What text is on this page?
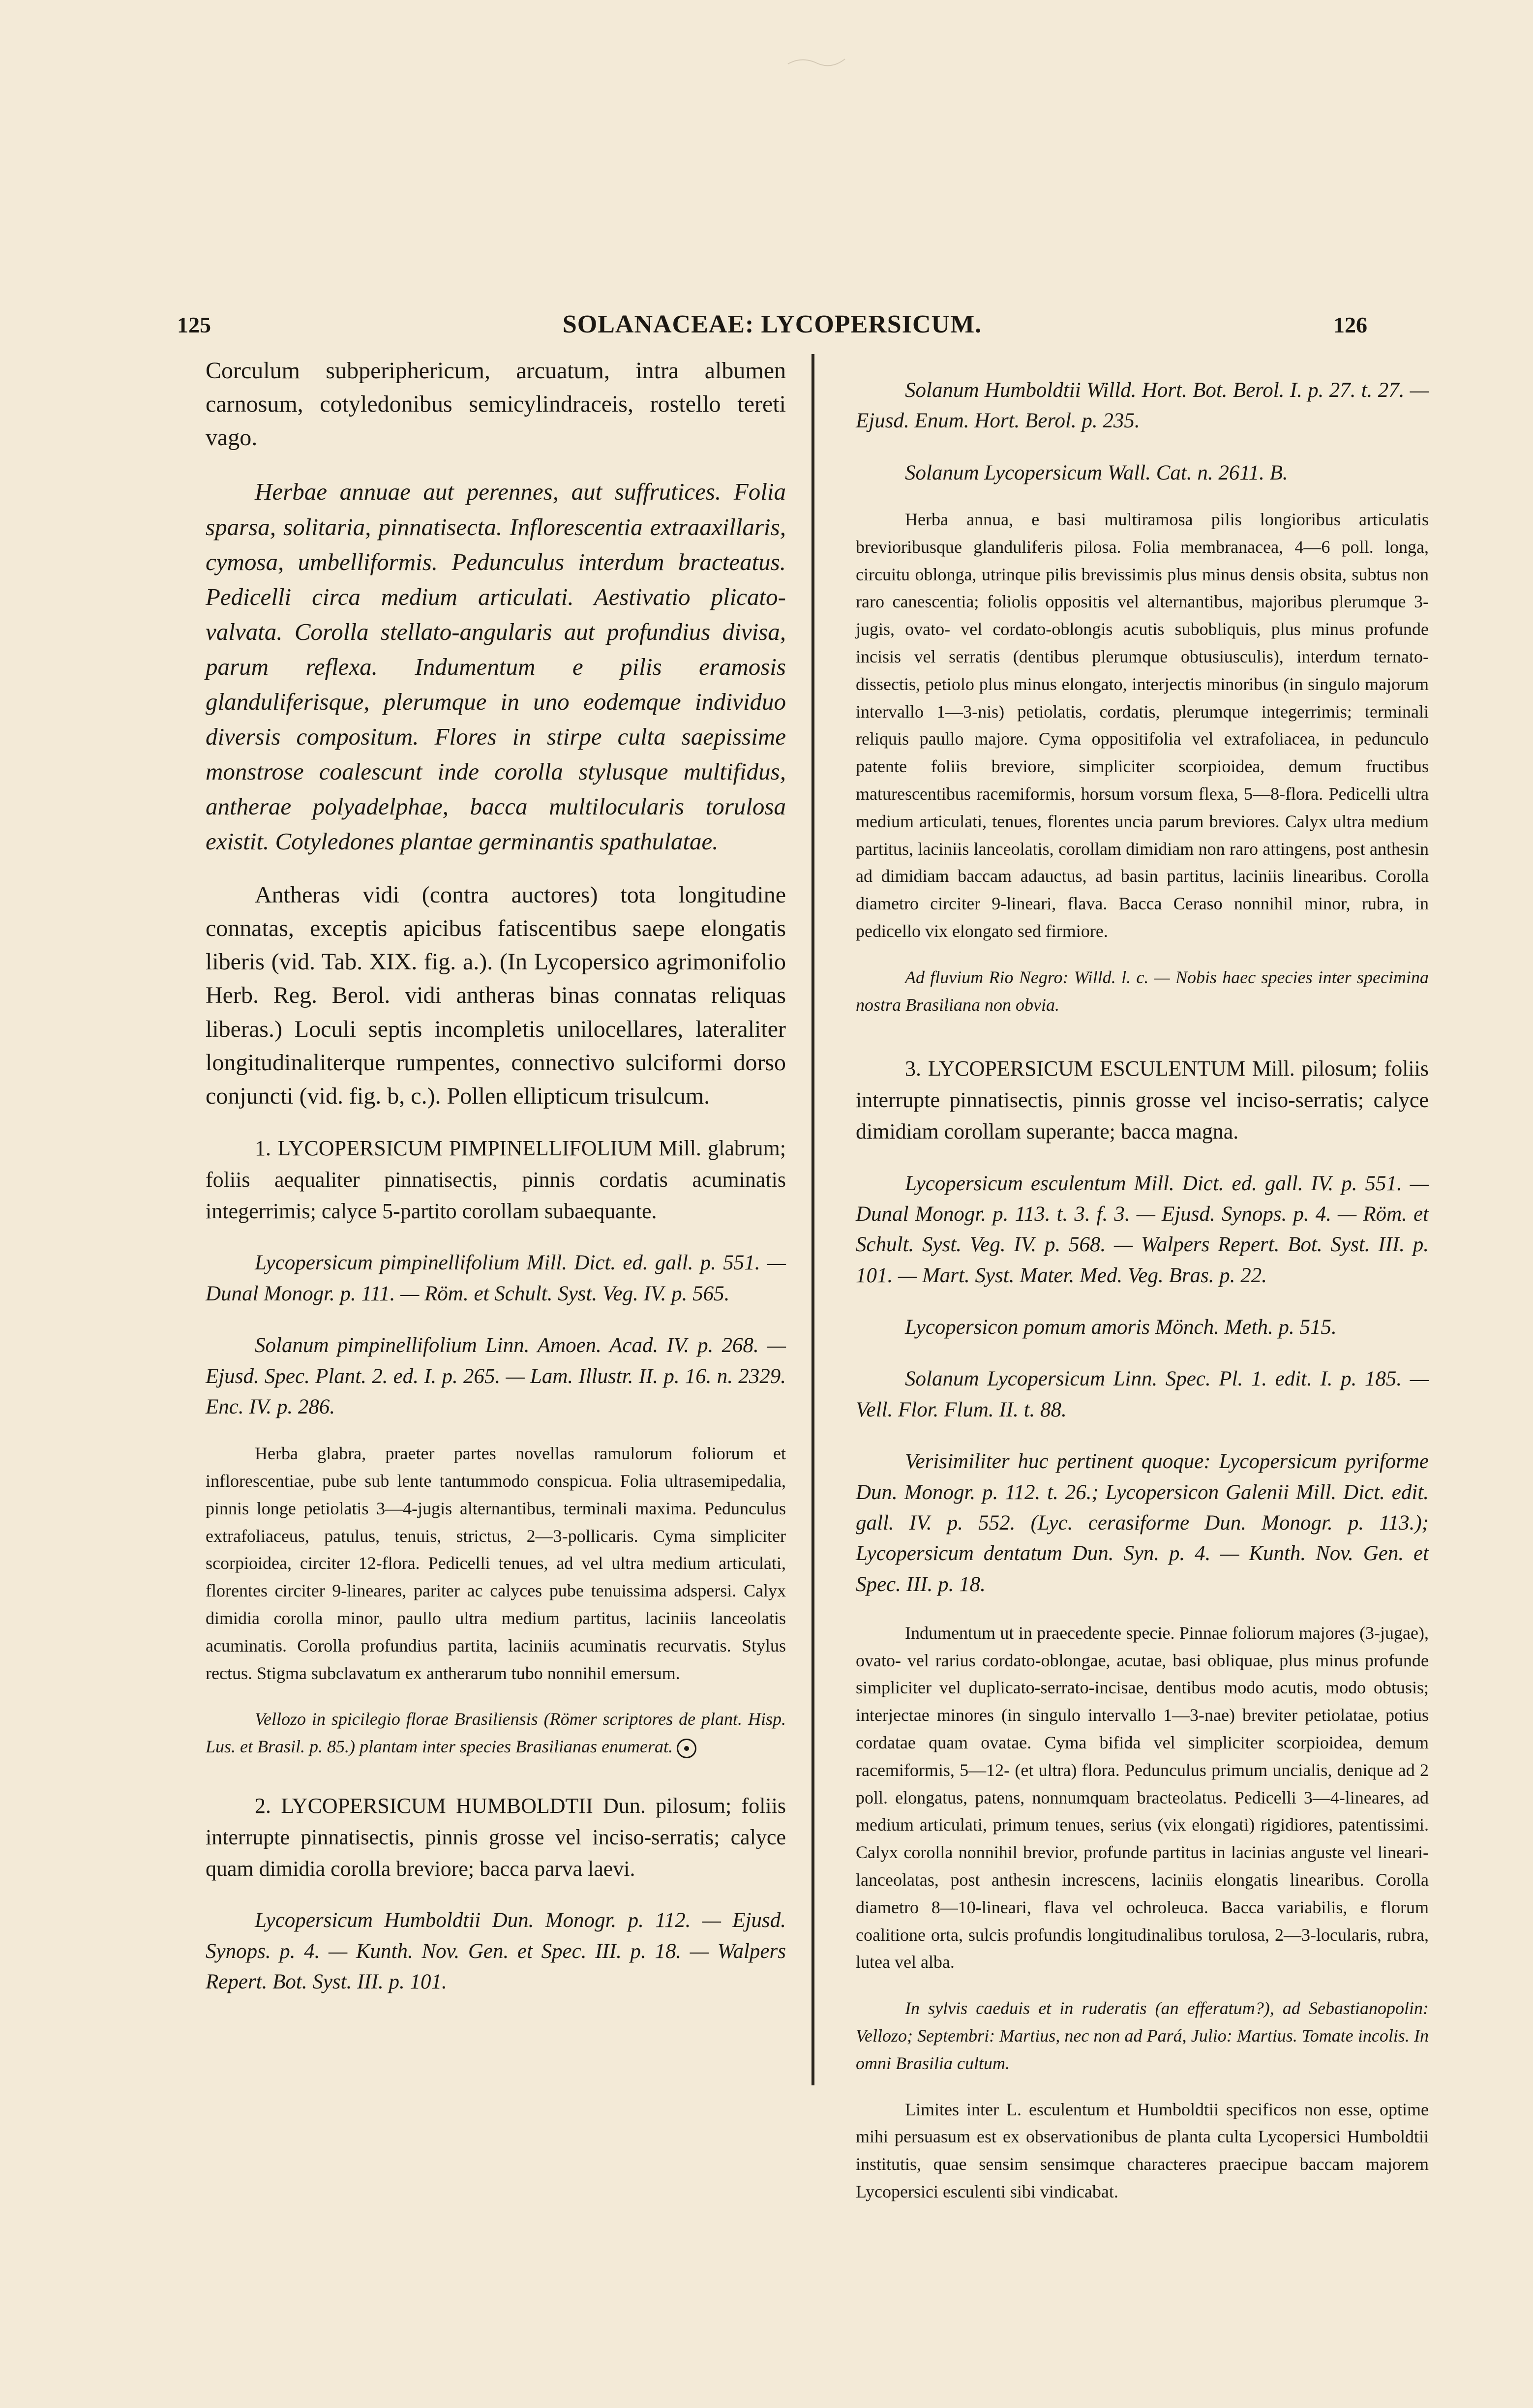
125	SOLANACEAE: LYCOPERSICUM.	126

Corculum subperiphericum, arcuatum, intra albumen carnosum, cotyledonibus semicylindraceis, rostello tereti vago.

Herbae annuae aut perennes, aut suffrutices. Folia sparsa, solitaria, pinnatisecta. Inflorescentia extraaxillaris, cymosa, umbelliformis. Pedunculus interdum bracteatus. Pedicelli circa medium articulati. Aestivatio plicato-valvata. Corolla stellato-angularis aut profundius divisa, parum reflexa. Indumentum e pilis eramosis glanduliferisque, plerumque in uno eodemque individuo diversis compositum. Flores in stirpe culta saepissime monstrose coalescunt inde corolla stylusque multifidus, antherae polyadelphae, bacca multilocularis torulosa existit. Cotyledones plantae germinantis spathulatae.

Antheras vidi (contra auctores) tota longitudine connatas, exceptis apicibus fatiscentibus saepe elongatis liberis (vid. Tab. XIX. fig. a.). (In Lycopersico agrimonifolio Herb. Reg. Berol. vidi antheras binas connatas reliquas liberas.) Loculi septis incompletis unilocellares, lateraliter longitudinaliterque rumpentes, connectivo sulciformi dorso conjuncti (vid. fig. b, c.). Pollen ellipticum trisulcum.

1. LYCOPERSICUM PIMPINELLIFOLIUM Mill. glabrum; foliis aequaliter pinnatisectis, pinnis cordatis acuminatis integerrimis; calyce 5-partito corollam subaequante.

Lycopersicum pimpinellifolium Mill. Dict. ed. gall. p. 551. — Dunal Monogr. p. 111. — Röm. et Schult. Syst. Veg. IV. p. 565.

Solanum pimpinellifolium Linn. Amoen. Acad. IV. p. 268. — Ejusd. Spec. Plant. 2. ed. I. p. 265. — Lam. Illustr. II. p. 16. n. 2329. Enc. IV. p. 286.

Herba glabra, praeter partes novellas ramulorum foliorum et inflorescentiae, pube sub lente tantummodo conspicua. Folia ultrasemipedalia, pinnis longe petiolatis 3—4-jugis alternantibus, terminali maxima. Pedunculus extrafoliaceus, patulus, tenuis, strictus, 2—3-pollicaris. Cyma simpliciter scorpioidea, circiter 12-flora. Pedicelli tenues, ad vel ultra medium articulati, florentes circiter 9-lineares, pariter ac calyces pube tenuissima adspersi. Calyx dimidia corolla minor, paullo ultra medium partitus, laciniis lanceolatis acuminatis. Corolla profundius partita, laciniis acuminatis recurvatis. Stylus rectus. Stigma subclavatum ex antherarum tubo nonnihil emersum.

Vellozo in spicilegio florae Brasiliensis (Römer scriptores de plant. Hisp. Lus. et Brasil. p. 85.) plantam inter species Brasilianas enumerat.

2. LYCOPERSICUM HUMBOLDTII Dun. pilosum; foliis interrupte pinnatisectis, pinnis grosse vel inciso-serratis; calyce quam dimidia corolla breviore; bacca parva laevi.

Lycopersicum Humboldtii Dun. Monogr. p. 112. — Ejusd. Synops. p. 4. — Kunth. Nov. Gen. et Spec. III. p. 18. — Walpers Repert. Bot. Syst. III. p. 101.

Solanum Humboldtii Willd. Hort. Bot. Berol. I. p. 27. t. 27. — Ejusd. Enum. Hort. Berol. p. 235.

Solanum Lycopersicum Wall. Cat. n. 2611. B.

Herba annua, e basi multiramosa pilis longioribus articulatis brevioribusque glanduliferis pilosa. Folia membranacea, 4—6 poll. longa, circuitu oblonga, utrinque pilis brevissimis plus minus densis obsita, subtus non raro canescentia; foliolis oppositis vel alternantibus, majoribus plerumque 3-jugis, ovato- vel cordato-oblongis acutis subobliquis, plus minus profunde incisis vel serratis (dentibus plerumque obtusiusculis), interdum ternato-dissectis, petiolo plus minus elongato, interjectis minoribus (in singulo majorum intervallo 1—3-nis) petiolatis, cordatis, plerumque integerrimis; terminali reliquis paullo majore. Cyma oppositifolia vel extrafoliacea, in pedunculo patente foliis breviore, simpliciter scorpioidea, demum fructibus maturescentibus racemiformis, horsum vorsum flexa, 5—8-flora. Pedicelli ultra medium articulati, tenues, florentes uncia parum breviores. Calyx ultra medium partitus, laciniis lanceolatis, corollam dimidiam non raro attingens, post anthesin ad dimidiam baccam adauctus, ad basin partitus, laciniis linearibus. Corolla diametro circiter 9-lineari, flava. Bacca Ceraso nonnihil minor, rubra, in pedicello vix elongato sed firmiore.

Ad fluvium Rio Negro: Willd. l. c. — Nobis haec species inter specimina nostra Brasiliana non obvia.

3. LYCOPERSICUM ESCULENTUM Mill. pilosum; foliis interrupte pinnatisectis, pinnis grosse vel inciso-serratis; calyce dimidiam corollam superante; bacca magna.

Lycopersicum esculentum Mill. Dict. ed. gall. IV. p. 551. — Dunal Monogr. p. 113. t. 3. f. 3. — Ejusd. Synops. p. 4. — Röm. et Schult. Syst. Veg. IV. p. 568. — Walpers Repert. Bot. Syst. III. p. 101. — Mart. Syst. Mater. Med. Veg. Bras. p. 22.

Lycopersicon pomum amoris Mönch. Meth. p. 515.

Solanum Lycopersicum Linn. Spec. Pl. 1. edit. I. p. 185. — Vell. Flor. Flum. II. t. 88.

Verisimiliter huc pertinent quoque: Lycopersicum pyriforme Dun. Monogr. p. 112. t. 26.; Lycopersicon Galenii Mill. Dict. edit. gall. IV. p. 552. (Lyc. cerasiforme Dun. Monogr. p. 113.); Lycopersicum dentatum Dun. Syn. p. 4. — Kunth. Nov. Gen. et Spec. III. p. 18.

Indumentum ut in praecedente specie. Pinnae foliorum majores (3-jugae), ovato- vel rarius cordato-oblongae, acutae, basi obliquae, plus minus profunde simpliciter vel duplicato-serrato-incisae, dentibus modo acutis, modo obtusis; interjectae minores (in singulo intervallo 1—3-nae) breviter petiolatae, potius cordatae quam ovatae. Cyma bifida vel simpliciter scorpioidea, demum racemiformis, 5—12- (et ultra) flora. Pedunculus primum uncialis, denique ad 2 poll. elongatus, patens, nonnumquam bracteolatus. Pedicelli 3—4-lineares, ad medium articulati, primum tenues, serius (vix elongati) rigidiores, patentissimi. Calyx corolla nonnihil brevior, profunde partitus in lacinias anguste vel lineari-lanceolatas, post anthesin increscens, laciniis elongatis linearibus. Corolla diametro 8—10-lineari, flava vel ochroleuca. Bacca variabilis, e florum coalitione orta, sulcis profundis longitudinalibus torulosa, 2—3-locularis, rubra, lutea vel alba.

In sylvis caeduis et in ruderatis (an efferatum?), ad Sebastianopolin: Vellozo; Septembri: Martius, nec non ad Pará, Julio: Martius. Tomate incolis. In omni Brasilia cultum.

Limites inter L. esculentum et Humboldtii specificos non esse, optime mihi persuasum est ex observationibus de planta culta Lycopersici Humboldtii institutis, quae sensim sensimque characteres praecipue baccam majorem Lycopersici esculenti sibi vindicabat.
